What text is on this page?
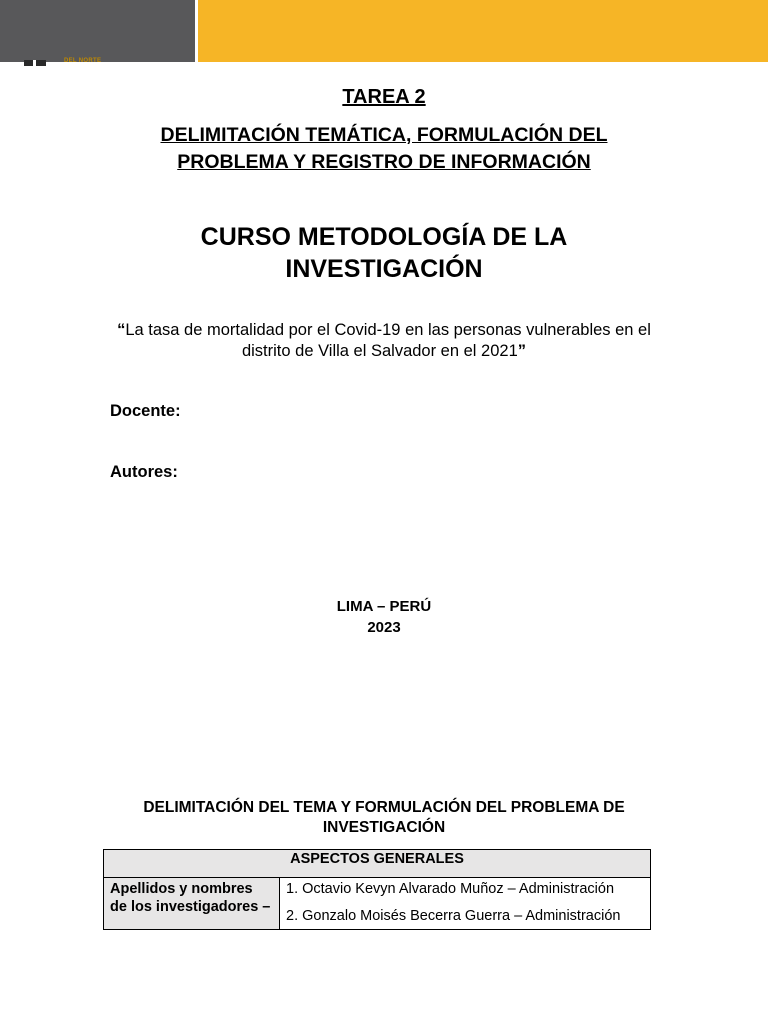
DEL NORTE
TAREA 2
DELIMITACIÓN TEMÁTICA, FORMULACIÓN DEL PROBLEMA Y REGISTRO DE INFORMACIÓN
CURSO METODOLOGÍA DE LA INVESTIGACIÓN
“La tasa de mortalidad por el Covid-19 en las personas vulnerables en el distrito de Villa el Salvador en el 2021”
Docente:
Autores:
LIMA – PERÚ
2023
DELIMITACIÓN DEL TEMA Y FORMULACIÓN DEL PROBLEMA DE INVESTIGACIÓN
ASPECTOS GENERALES
Apellidos y nombres de los investigadores –	
1. Octavio Kevyn Alvarado Muñoz – Administración
2. Gonzalo Moisés Becerra Guerra – Administración
